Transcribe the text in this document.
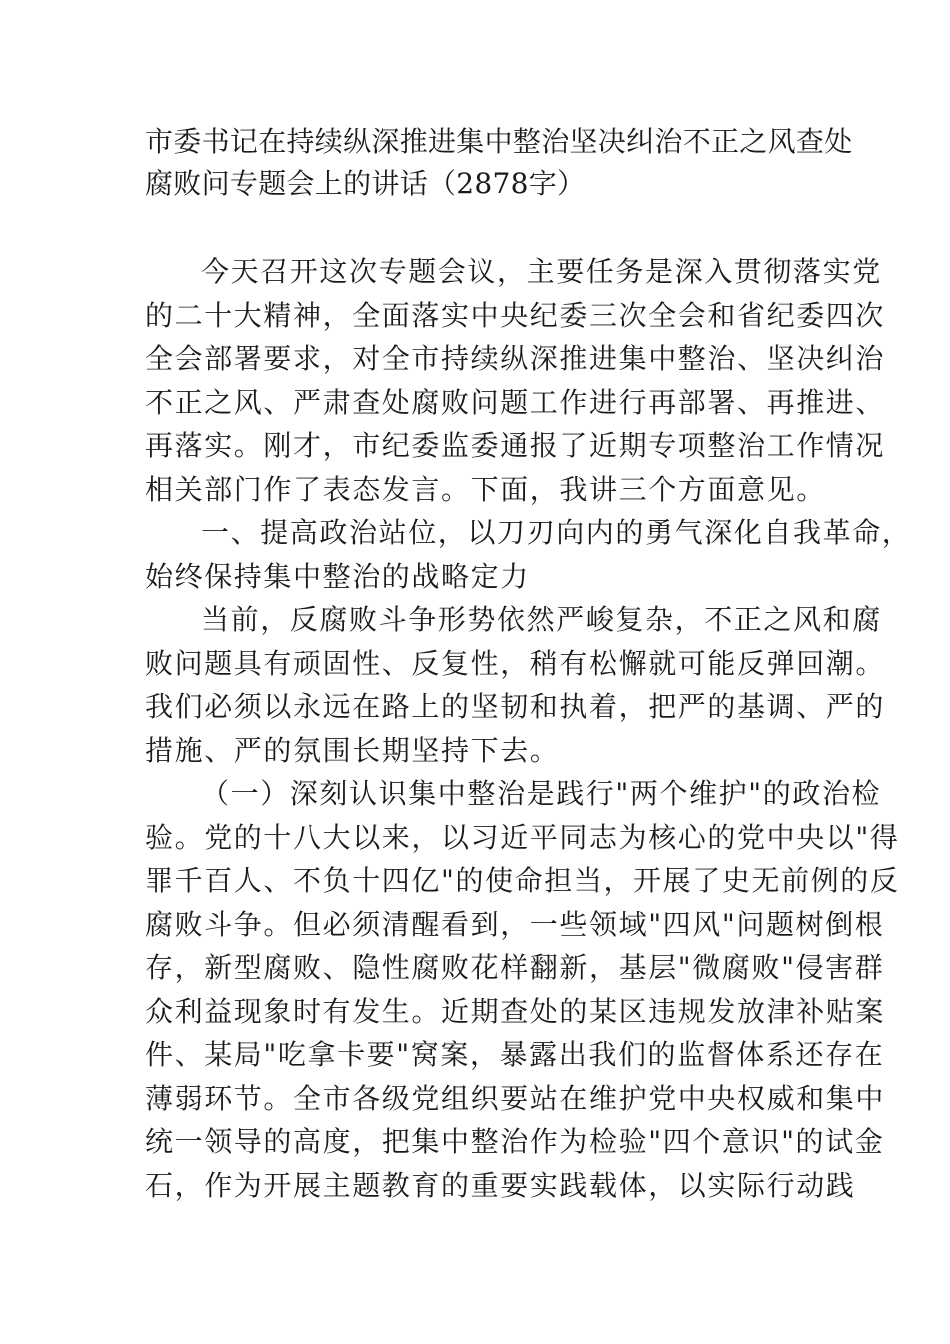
市委书记在持续纵深推进集中整治坚决纠治不正之风查处
腐败问专题会上的讲话（2878字）
今天召开这次专题会议，主要任务是深入贯彻落实党
的二十大精神，全面落实中央纪委三次全会和省纪委四次
全会部署要求，对全市持续纵深推进集中整治、坚决纠治
不正之风、严肃查处腐败问题工作进行再部署、再推进、
再落实。刚才，市纪委监委通报了近期专项整治工作情况
相关部门作了表态发言。下面，我讲三个方面意见。
一、提高政治站位，以刀刃向内的勇气深化自我革命，
始终保持集中整治的战略定力
当前，反腐败斗争形势依然严峻复杂，不正之风和腐
败问题具有顽固性、反复性，稍有松懈就可能反弹回潮。
我们必须以永远在路上的坚韧和执着，把严的基调、严的
措施、严的氛围长期坚持下去。
（一）深刻认识集中整治是践行"两个维护"的政治检
验。党的十八大以来，以习近平同志为核心的党中央以"得
罪千百人、不负十四亿"的使命担当，开展了史无前例的反
腐败斗争。但必须清醒看到，一些领域"四风"问题树倒根
存，新型腐败、隐性腐败花样翻新，基层"微腐败"侵害群
众利益现象时有发生。近期查处的某区违规发放津补贴案
件、某局"吃拿卡要"窝案，暴露出我们的监督体系还存在
薄弱环节。全市各级党组织要站在维护党中央权威和集中
统一领导的高度，把集中整治作为检验"四个意识"的试金
石，作为开展主题教育的重要实践载体，以实际行动践
